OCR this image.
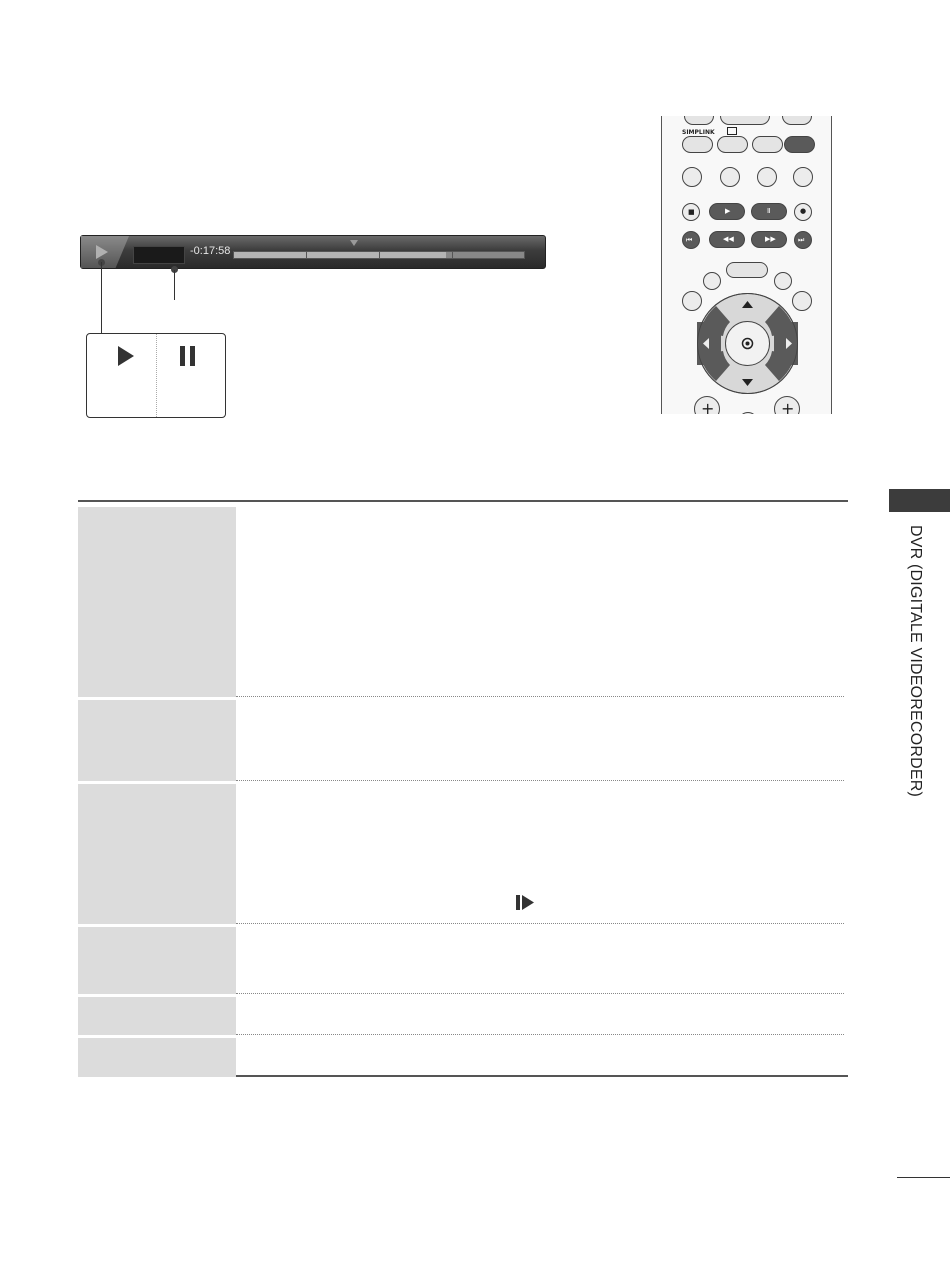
-0:17:58
SIMPLINK
■	▶	Ⅱ	●
⏮	◀◀	▶▶	⏭
+	+
DVR (DIGITALE VIDEORECORDER)
